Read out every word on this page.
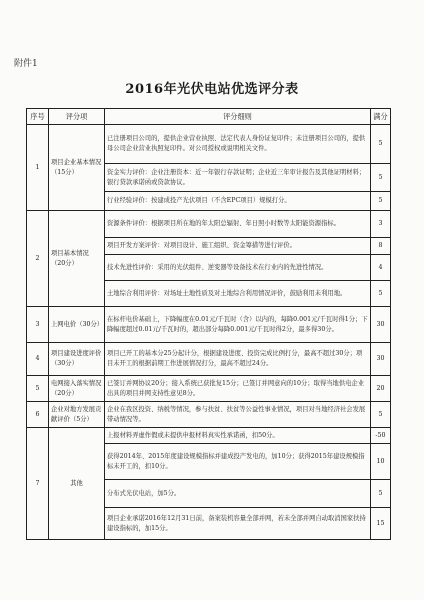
附件1
2016年光伏电站优选评分表
序号	评分项	评分细则	满分
1	项目企业基本情况（15分）	已注册项目公司的，提供企业营业执照、法定代表人身份证复印件；未注册项目公司的，提供母公司企业营业执照复印件。对公司授权或说明相关文件。	5
		资金实力评价：企业注册资本：近一年银行存款证明；企业近三年审计报告及其他证明材料；银行贷款承诺函或贷款协议。	5
		行业经验评价：按建成投产光伏项目（不含EPC项目）规模打分。	5
2	项目基本情况（20分）	资源条件评价：根据项目所在地的年太阳总辐射、年日照小时数等太阳能资源指标。	3
		项目开发方案评价：对项目设计、施工组织、资金筹措等进行评价。	8
		技术先进性评价：采用的光伏组件、逆变器等设备技术在行业内的先进性情况。	4
		土地综合利用评价：对场址土地性质及对土地综合利用情况评价，鼓励利用未利用地。	5
3	上网电价（30分）	在标杆电价基础上，下降幅度在0.01元/千瓦时（含）以内的，每降0.001元/千瓦时得1分；下降幅度超过0.01元/千瓦时的，超出部分每降0.001元/千瓦时得2分，最多得30分。	30
4	项目建设进度评价（30分）	项目已开工的基本分25分起计分，根据建设进度、投资完成比例打分，最高不超过30分；项目未开工的根据前期工作进展情况打分，最高不超过24分。	30
5	电网接入落实情况（20分）	已签订并网协议20分；接入系统已获批复15分；已签订并网意向的10分；取得当地供电企业出具的项目并网支持性意见8分。	20
6	企业对地方发展贡献评价（5分）	企业在我区投资、纳税等情况，参与扶贫、扶贫等公益性事业情况，项目对当地经济社会发展带动情况等。	5
7	其他	上报材料弄虚作假或未提供申报材料真实性承诺函，扣50分。	-50
		获得2014年、2015年度建设规模指标并建成投产发电的，加10分；获得2015年建设规模指标未开工的，扣10分。	10
		分布式光伏电站，加5分。	5
		项目企业承诺2016年12月31日前，备案装机容量全部并网，若未全部并网自动取消国家扶持建设指标的，加15分。	15
